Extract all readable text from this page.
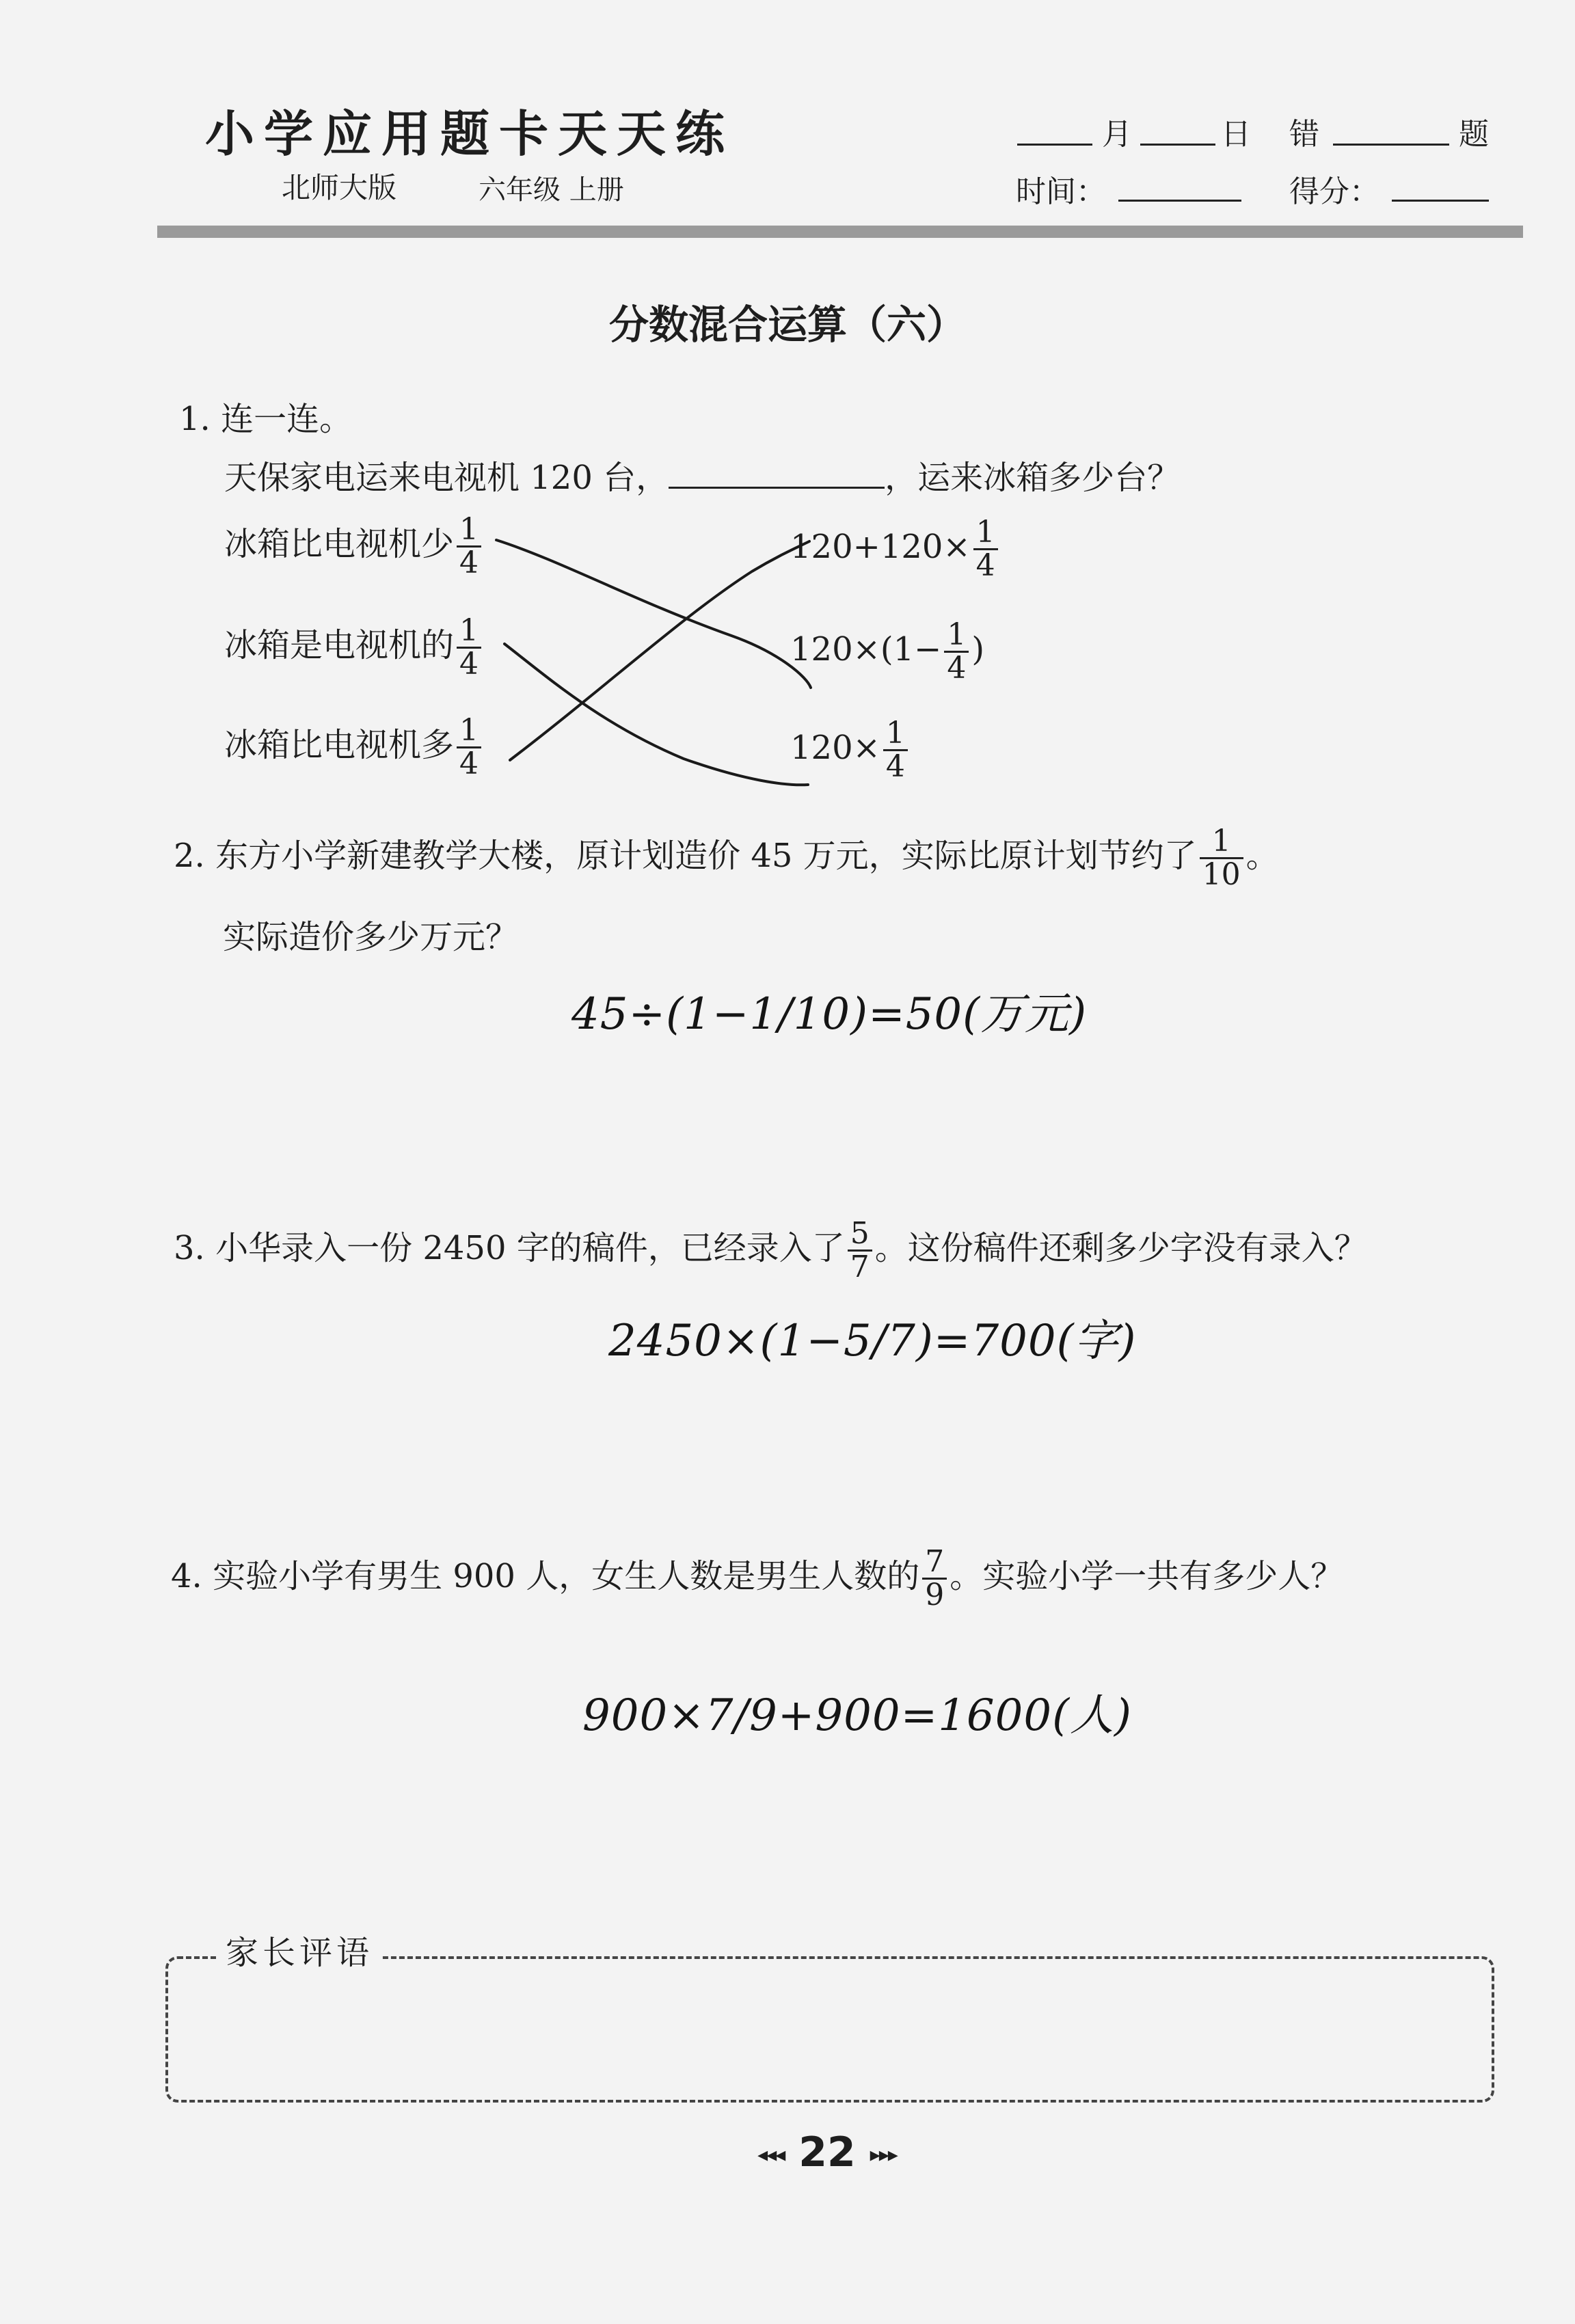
小学应用题卡天天练
北师大版	六年级 上册
月	日 错	题
时间：	得分：
分数混合运算（六）
1. 连一连。
天保家电运来电视机 120 台，	，运来冰箱多少台？
冰箱比电视机少 $\frac{1}{4}$
冰箱是电视机的 $\frac{1}{4}$
冰箱比电视机多 $\frac{1}{4}$
$120+120\times \frac{1}{4}$
$120\times(1- \frac{1}{4}$ )
$120\times \frac{1}{4}$
2. 东方小学新建教学大楼，原计划造价 45 万元，实际比原计划节约了 $\frac{1}{10}$ 。
实际造价多少万元？
45÷(1−1/10)=50(万元)
3. 小华录入一份 2450 字的稿件，已经录入了 $\frac{5}{7}$ 。这份稿件还剩多少字没有录入？
2450×(1−5/7)=700(字)
4. 实验小学有男生 900 人，女生人数是男生人数的 $\frac{7}{9}$ 。实验小学一共有多少人？
900×7/9+900=1600(人)
家长评语
◂◂◂ 22 ▸▸▸
